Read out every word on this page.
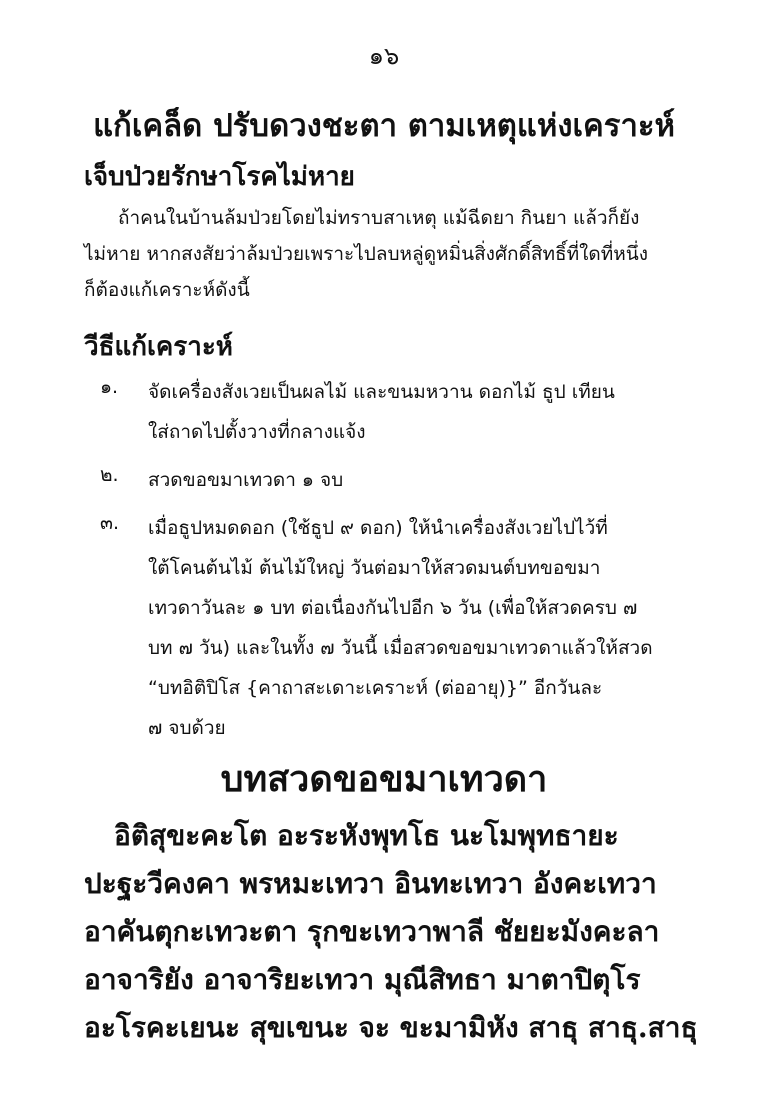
๑๖
แก้เคล็ด ปรับดวงชะตา ตามเหตุแห่งเคราะห์
เจ็บป่วยรักษาโรคไม่หาย

ถ้าคนในบ้านล้มป่วยโดยไม่ทราบสาเหตุ แม้ฉีดยา กินยา แล้วก็ยัง

ไม่หาย หากสงสัยว่าล้มป่วยเพราะไปลบหลู่ดูหมิ่นสิ่งศักดิ์สิทธิ์ที่ใดที่หนึ่ง

ก็ต้องแก้เคราะห์ดังนี้

วีธีแก้เคราะห์
๑. จัดเครื่องสังเวยเป็นผลไม้ และขนมหวาน ดอกไม้ ธูป เทียน
ใส่ถาดไปตั้งวางที่กลางแจ้ง
๒. สวดขอขมาเทวดา ๑ จบ
๓. เมื่อธูปหมดดอก (ใช้ธูป ๙ ดอก) ให้นำเครื่องสังเวยไปไว้ที่
ใต้โคนต้นไม้ ต้นไม้ใหญ่ วันต่อมาให้สวดมนต์บทขอขมา
เทวดาวันละ ๑ บท ต่อเนื่องกันไปอีก ๖ วัน (เพื่อให้สวดครบ ๗
บท ๗ วัน) และในทั้ง ๗ วันนี้ เมื่อสวดขอขมาเทวดาแล้วให้สวด
“บทอิติปิโส {คาถาสะเดาะเคราะห์ (ต่ออายุ)}” อีกวันละ
๗ จบด้วย
บทสวดขอขมาเทวดา
อิติสุขะคะโต อะระหังพุทโธ นะโมพุทธายะ
ปะฐะวีคงคา พรหมะเทวา อินทะเทวา อังคะเทวา
อาคันตุกะเทวะตา รุกขะเทวาพาลี ชัยยะมังคะลา
อาจาริยัง อาจาริยะเทวา มุณีสิทธา มาตาปิตุโร
อะโรคะเยนะ สุขเขนะ จะ ขะมามิหัง สาธุ สาธุ.สาธุ
